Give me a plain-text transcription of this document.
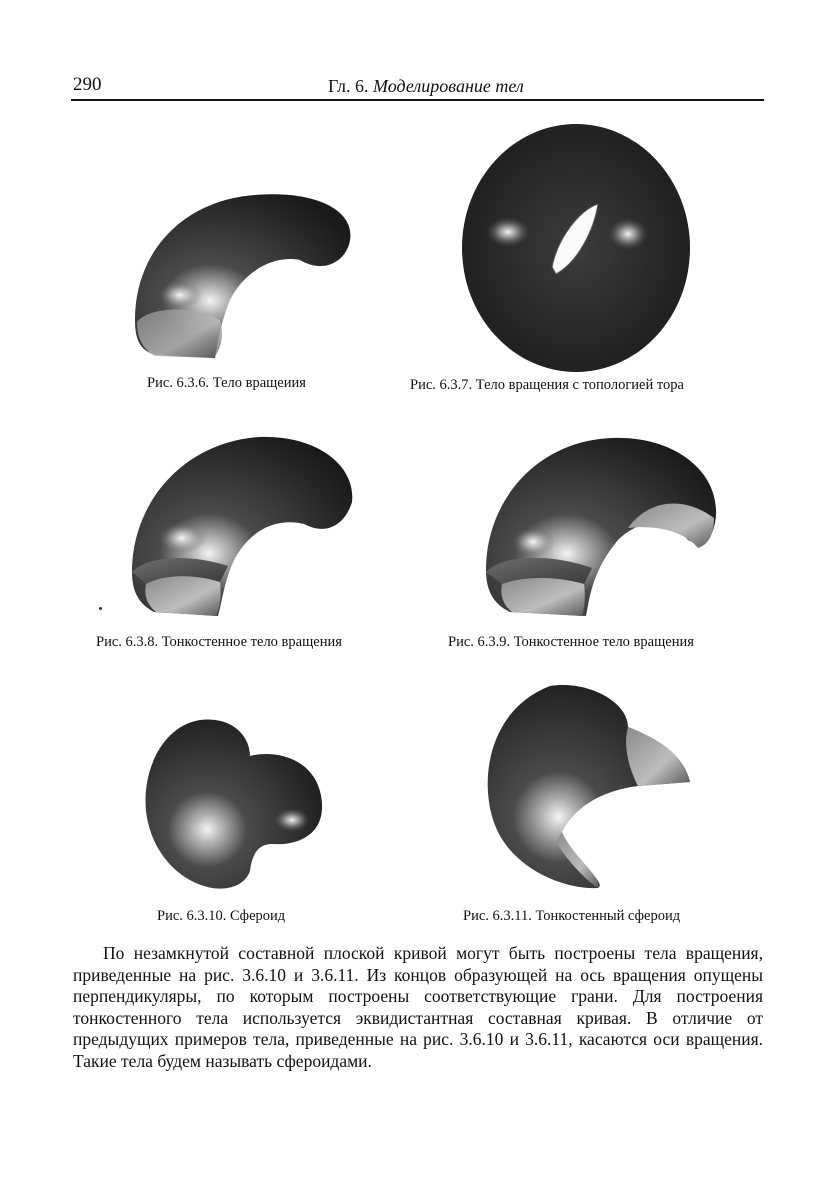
290	Гл. 6. Моделирование тел
Рис. 6.3.6. Тело вращеиия	Рис. 6.3.7. Тело вращения с топологией тора
Рис. 6.3.8. Тонкостенное тело вращения	Рис. 6.3.9. Тонкостенное тело вращения
Рис. 6.3.10. Сфероид	Рис. 6.3.11. Тонкостенный сфероид

По незамкнутой составной плоской кривой могут быть построены тела вращения, приведенные на рис. 3.6.10 и 3.6.11. Из концов образующей на ось вращения опущены перпендикуляры, по которым построены соответствующие грани. Для построения тонкостенного тела используется эквидистантная составная кривая. В отличие от предыдущих примеров тела, приведенные на рис. 3.6.10 и 3.6.11, касаются оси вращения. Такие тела будем называть сфероидами.
